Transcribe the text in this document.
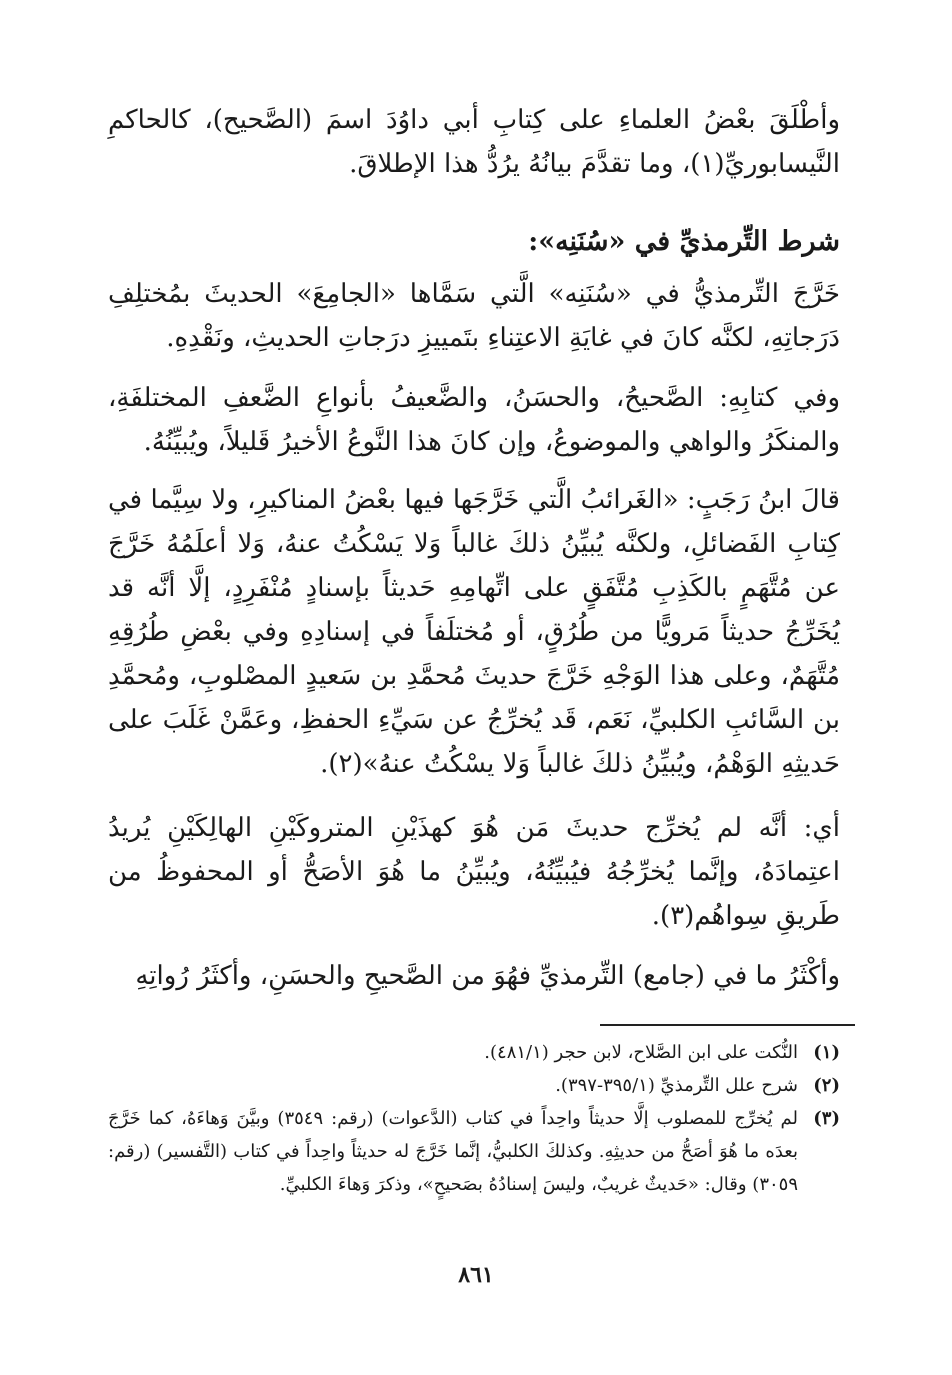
وأطْلَقَ بعْضُ العلماءِ على كِتابِ أبي داوُدَ اسمَ (الصَّحيح)، كالحاكمِ النَّيسابوريِّ(١)، وما تقدَّمَ بيانُهُ يرُدُّ هذا الإطلاقَ.

شرط التِّرمذيِّ في «سُنَنِه»:

خَرَّجَ التِّرمذيُّ في «سُنَنِه» الَّتي سَمَّاها «الجامِعَ» الحديثَ بمُختلِفِ دَرَجاتِهِ، لكنَّه كانَ في غايَةِ الاعتِناءِ بتَمييزِ درَجاتِ الحديثِ، ونَقْدِهِ.

وفي كتابِهِ: الصَّحيحُ، والحسَنُ، والضَّعيفُ بأنواعِ الضَّعفِ المختلفَةِ، والمنكَرُ والواهي والموضوعُ، وإن كانَ هذا النَّوعُ الأخيرُ قَليلاً، ويُبيِّنُهُ.

قالَ ابنُ رَجَبٍ: «الغَرائبُ الَّتي خَرَّجَها فيها بعْضُ المناكيرِ، ولا سِيَّما في كِتابِ الفَضائلِ، ولكنَّه يُبيِّنُ ذلكَ غالباً وَلا يَسْكُتُ عنهُ، وَلا أعلَمُهُ خَرَّجَ عن مُتَّهَمٍ بالكَذِبِ مُتَّفَقٍ على اتِّهامِهِ حَديثاً بإسنادٍ مُنْفَرِدٍ، إلَّا أنَّه قد يُخَرِّجُ حديثاً مَرويًّا من طُرُقٍ، أو مُختلَفاً في إسنادِهِ وفي بعْضِ طُرُقِهِ مُتَّهَمٌ، وعلى هذا الوَجْهِ خَرَّجَ حديثَ مُحمَّدِ بن سَعيدٍ المصْلوبِ، ومُحمَّدِ بن السَّائبِ الكلبيِّ، نَعَم، قَد يُخرِّجُ عن سَيِّءِ الحفظِ، وعَمَّنْ غَلَبَ على حَديثِهِ الوَهْمُ، ويُبيِّنُ ذلكَ غالباً وَلا يسْكُتُ عنهُ»(٢).

أي: أنَّه لم يُخرِّج حديثَ مَن هُوَ كهذَيْنِ المتروكَيْنِ الهالِكَيْنِ يُريدُ اعتِمادَهُ، وإنَّما يُخرِّجُهُ فيُبيِّنُهُ، ويُبيِّنُ ما هُوَ الأصَحُّ أو المحفوظُ من طَريقِ سِواهُم(٣).

وأكْثَرُ ما في (جامع) التِّرمذيِّ فهُوَ من الصَّحيحِ والحسَنِ، وأكثَرُ رُواتِهِ

(١)
النُّكت على ابن الصَّلاح، لابن حجر (٤٨١/١).
(٢)
شرح علل التِّرمذيِّ (٣٩٥/١-٣٩٧).
(٣)
لم يُخرِّج للمصلوب إلَّا حديثاً واحِداً في كتاب (الدَّعوات) (رقم: ٣٥٤٩) وبيَّنَ وَهاءَهُ، كما خَرَّجَ بعدَه ما هُوَ أصَحُّ من حديثِهِ. وكذلكَ الكلبيُّ، إنَّما خَرَّجَ له حديثاً واحِداً في كتاب (التَّفسير) (رقم: ٣٠٥٩) وقال: «حَديثٌ غريبٌ، وليسَ إسنادُهُ بصَحيحٍ»، وذكرَ وَهاءَ الكلبيِّ.
٨٦١
